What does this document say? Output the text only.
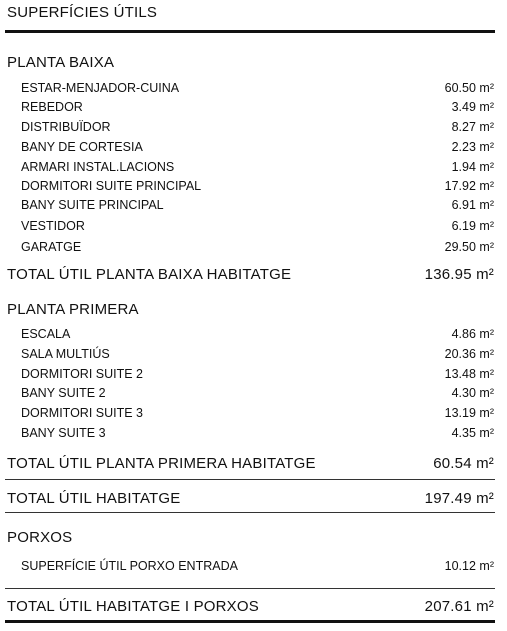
SUPERFÍCIES ÚTILS
PLANTA BAIXA
ESTAR-MENJADOR-CUINA	60.50 m²
REBEDOR	3.49 m²
DISTRIBUÏDOR	8.27 m²
BANY DE CORTESIA	2.23 m²
ARMARI INSTAL.LACIONS	1.94 m²
DORMITORI SUITE PRINCIPAL	17.92 m²
BANY SUITE PRINCIPAL	6.91 m²
VESTIDOR	6.19 m²
GARATGE	29.50 m²
TOTAL ÚTIL PLANTA BAIXA HABITATGE	136.95 m²
PLANTA PRIMERA
ESCALA	4.86 m²
SALA MULTIÚS	20.36 m²
DORMITORI SUITE 2	13.48 m²
BANY SUITE 2	4.30 m²
DORMITORI SUITE 3	13.19 m²
BANY SUITE 3	4.35 m²
TOTAL ÚTIL PLANTA PRIMERA HABITATGE	60.54 m²
TOTAL ÚTIL HABITATGE	197.49 m²
PORXOS
SUPERFÍCIE ÚTIL PORXO ENTRADA	10.12 m²
TOTAL ÚTIL HABITATGE I PORXOS	207.61 m²
